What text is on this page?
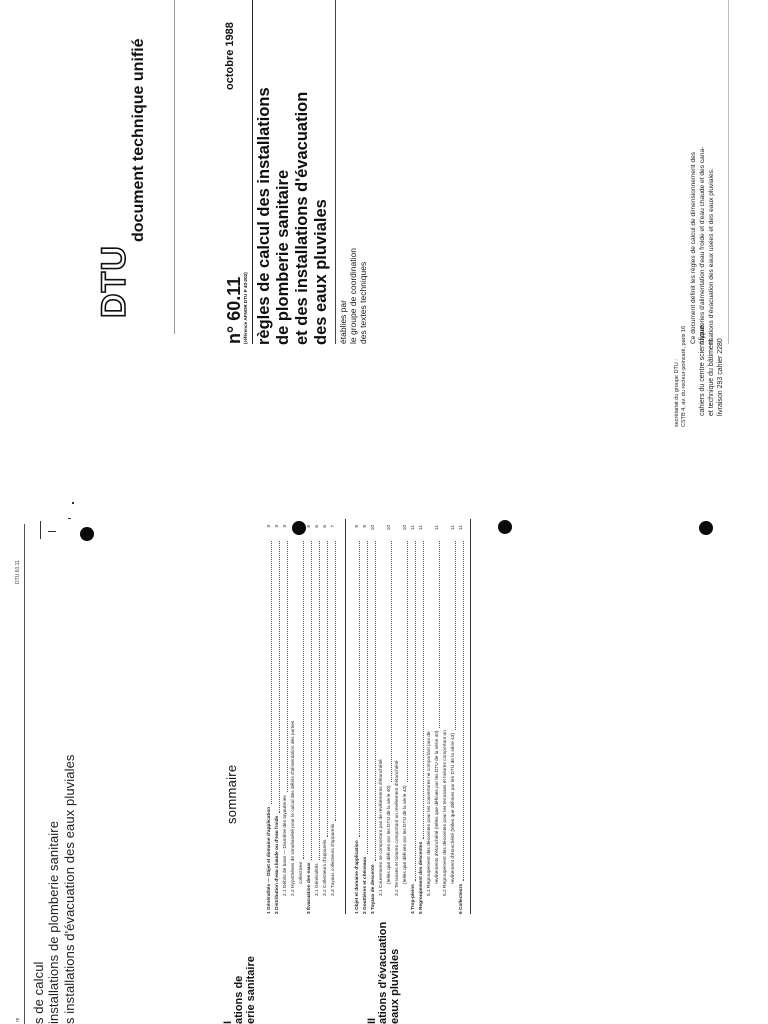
re
DTU 60.11
s de calcul installations de plomberie sanitaire s installations d'évacuation des eaux pluviales	I ations de erie sanitaire	II ations d'évacuation eaux pluviales
sommaire
1 Généralités — Objet et domaine d'application
3
2 Distribution d'eau chaude ou d'eau froide
3
2.1 Débits de base — Diamètre des tuyauteries
3
2.2 Hypothèses de simultanéité pour le calcul des débits d'alimentation des parties collectives 3 Évacuation des eaux
6
3.1 Généralités
6
3.2 Collecteurs d'appareils
6
3.3 Tuyaux collecteurs d'appareils
7
1 Objet et domaine d'application
9
2 Gouttières et chéneaux
9
3 Tuyaux de descente
10
3.1 Couvertures ne comportant pas de revêtements d'étanchéité (telles que définies par les DTU de la série 40)
10
3.2 Terrasses et toitures comportant un revêtement d'étanchéité (telles que définies par les DTU de la série 43)
10
4 Trop-pleins
11
5 Regroupement des descentes
11
5.1 Regroupement des descentes pour les couvertures ne comportant pas de revêtements d'étanchéité (telles que définies par les DTU de la série 40)
11
5.2 Regroupement des descentes pour les terrasses et toitures comportant un revêtement d'étanchéité (telles que définies par les DTU de la série 43)
11
6 Collecteurs
11
DTU
document technique unifié
n° 60.11 (référence AFNOR DTU P 40-202)
octobre 1988
règles de calcul des installations de plomberie sanitaire et des installations d'évacuation des eaux pluviales établies par le groupe de coordination des textes techniques
secrétariat du groupe DTU : CSTB 4, av. du recteur-poincaré, paris 16 cahiers du centre scientifique et technique du bâtiment livraison 293 cahier 2280
Ce document définit les règles de calcul de dimensionnement des tuyauteries d'alimentation d'eau froide et d'eau chaude et des cana- lisations d'évacuation des eaux usées et des eaux pluviales.
